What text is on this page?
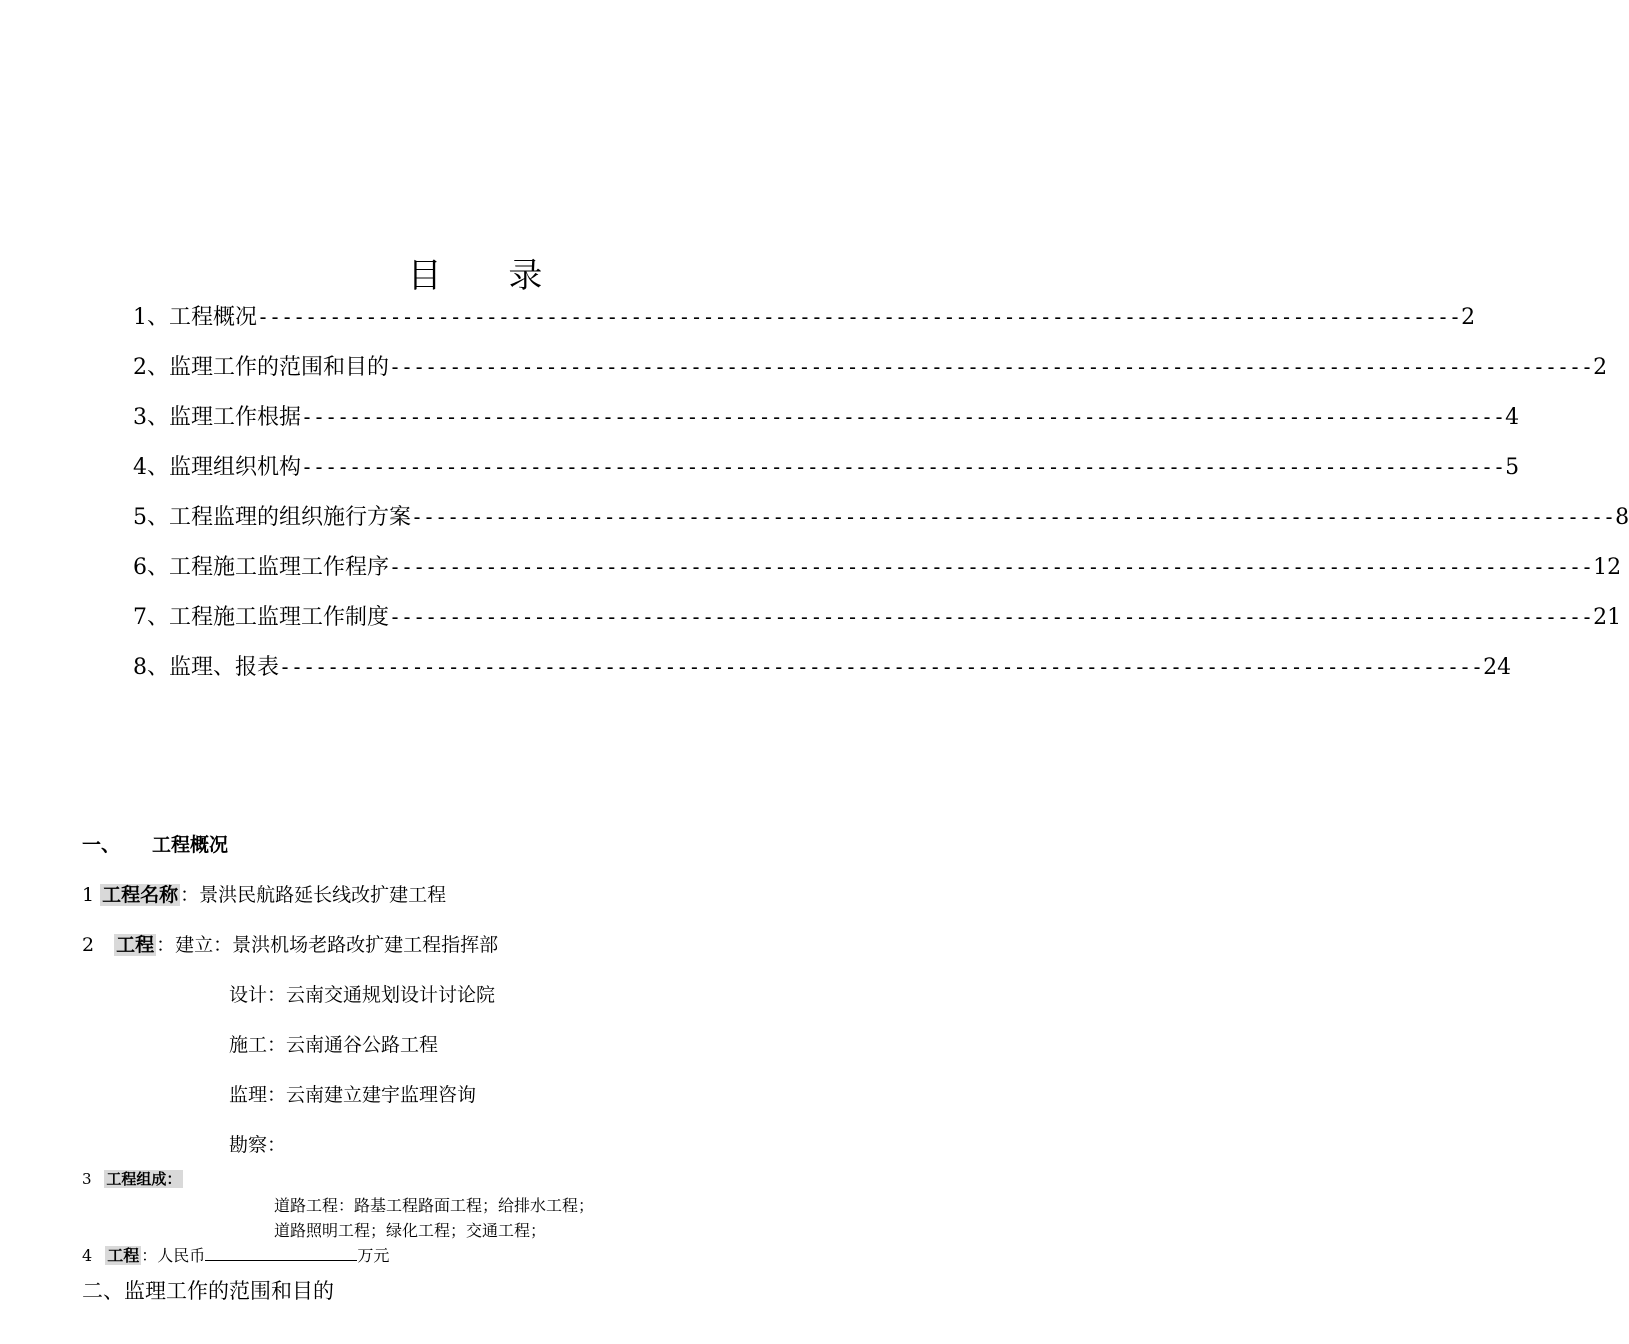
目 录
1、工程概况 ---------------------------------------------------------------------------------------------------- 2
2、监理工作的范围和目的 ---------------------------------------------------------------------------------------------------- 2
3、监理工作根据 ---------------------------------------------------------------------------------------------------- 4
4、监理组织机构 ---------------------------------------------------------------------------------------------------- 5
5、工程监理的组织施行方案 ---------------------------------------------------------------------------------------------------- 8
6、工程施工监理工作程序 ---------------------------------------------------------------------------------------------------- 12
7、工程施工监理工作制度 ---------------------------------------------------------------------------------------------------- 21
8、监理、报表 ---------------------------------------------------------------------------------------------------- 24
一、 工程概况
1 工程名称 ：景洪民航路延长线改扩建工程
2 工程 ：建立：景洪机场老路改扩建工程指挥部
设计：云南交通规划设计讨论院
施工：云南通谷公路工程
监理：云南建立建宇监理咨询
勘察：
3 工程组成：
道路工程：路基工程路面工程；给排水工程；
道路照明工程；绿化工程；交通工程；
4 工程 ：人民币	万元
二、监理工作的范围和目的
